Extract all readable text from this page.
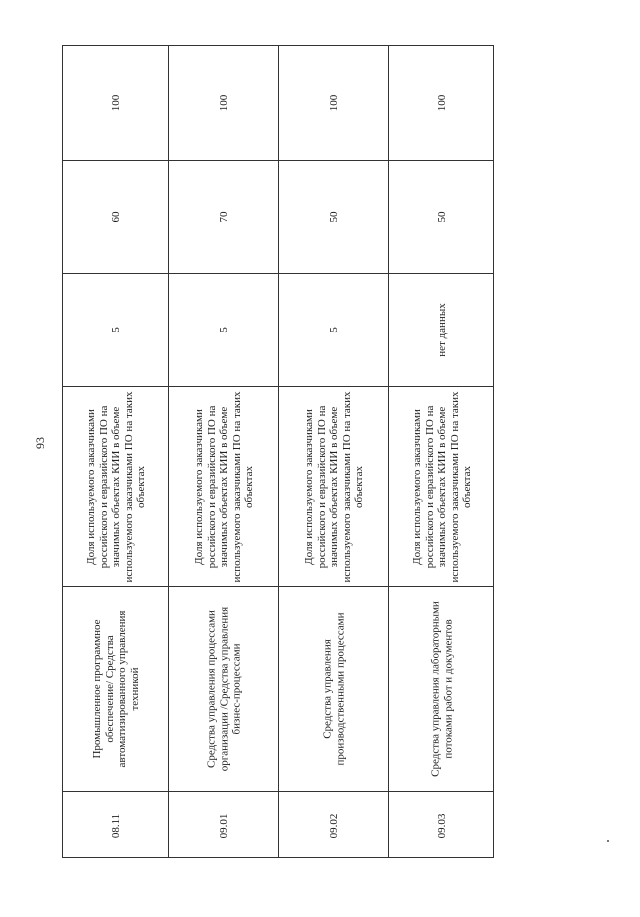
93
100
60
5
Доля используемого заказчиками российского и евразийского ПО на значимых объектах КИИ в объеме используемого заказчиками ПО на таких объектах
Промышленное программное обеспечение/ Средства автоматизированного управления техникой
08.11
100
70
5
Доля используемого заказчиками российского и евразийского ПО на значимых объектах КИИ в объеме используемого заказчиками ПО на таких объектах
Средства управления процессами организации /Средства управления бизнес-процессами
09.01
100
50
5
Доля используемого заказчиками российского и евразийского ПО на значимых объектах КИИ в объеме используемого заказчиками ПО на таких объектах
Средства управления производственными процессами
09.02
100
50
нет данных
Доля используемого заказчиками российского и евразийского ПО на значимых объектах КИИ в объеме используемого заказчиками ПО на таких объектах
Средства управления лабораторными потоками работ и документов
09.03
